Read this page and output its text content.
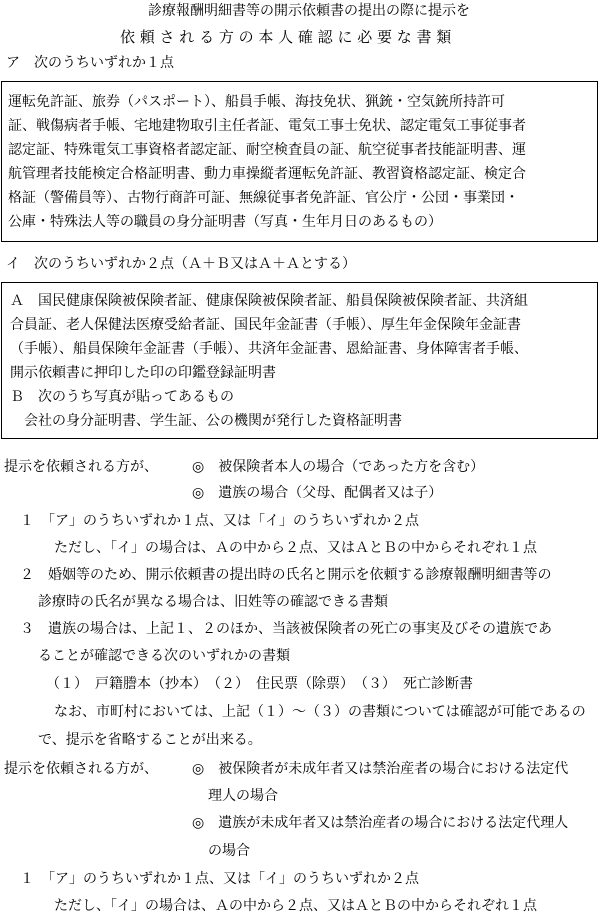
診療報酬明細書等の開示依頼書の提出の際に提示を
依 頼 さ れ る 方 の 本 人 確 認 に 必 要 な 書 類
ア　次のうちいずれか１点
運転免許証、旅券（パスポート）、船員手帳、海技免状、猟銃・空気銃所持許可
証、戦傷病者手帳、宅地建物取引主任者証、電気工事士免状、認定電気工事従事者
認定証、特殊電気工事資格者認定証、耐空検査員の証、航空従事者技能証明書、運
航管理者技能検定合格証明書、動力車操縦者運転免許証、教習資格認定証、検定合
格証（警備員等）、古物行商許可証、無線従事者免許証、官公庁・公団・事業団・
公庫・特殊法人等の職員の身分証明書（写真・生年月日のあるもの）
イ　次のうちいずれか２点（Ａ＋Ｂ又はＡ＋Ａとする）
Ａ　国民健康保険被保険者証、健康保険被保険者証、船員保険被保険者証、共済組
合員証、老人保健法医療受給者証、国民年金証書（手帳）、厚生年金保険年金証書
（手帳）、船員保険年金証書（手帳）、共済年金証書、恩給証書、身体障害者手帳、
開示依頼書に押印した印の印鑑登録証明書
Ｂ　次のうち写真が貼ってあるもの
　会社の身分証明書、学生証、公の機関が発行した資格証明書
提示を依頼される方が、 ◎　被保険者本人の場合（であった方を含む）
◎　遺族の場合（父母、配偶者又は子）
１　「ア」のうちいずれか１点、又は「イ」のうちいずれか２点
ただし、「イ」の場合は、Ａの中から２点、又はＡとＢの中からそれぞれ１点
２　婚姻等のため、開示依頼書の提出時の氏名と開示を依頼する診療報酬明細書等の
診療時の氏名が異なる場合は、旧姓等の確認できる書類
３　遺族の場合は、上記１、２のほか、当該被保険者の死亡の事実及びその遺族であ
ることが確認できる次のいずれかの書類
（１）　戸籍謄本（抄本）　（２）　住民票（除票）　（３）　死亡診断書
なお、市町村においては、上記（１）〜（３）の書類については確認が可能であるの
で、提示を省略することが出来る。
提示を依頼される方が、 ◎　被保険者が未成年者又は禁治産者の場合における法定代
理人の場合
◎　遺族が未成年者又は禁治産者の場合における法定代理人
の場合
１　「ア」のうちいずれか１点、又は「イ」のうちいずれか２点
ただし、「イ」の場合は、Ａの中から２点、又はＡとＢの中からそれぞれ１点
